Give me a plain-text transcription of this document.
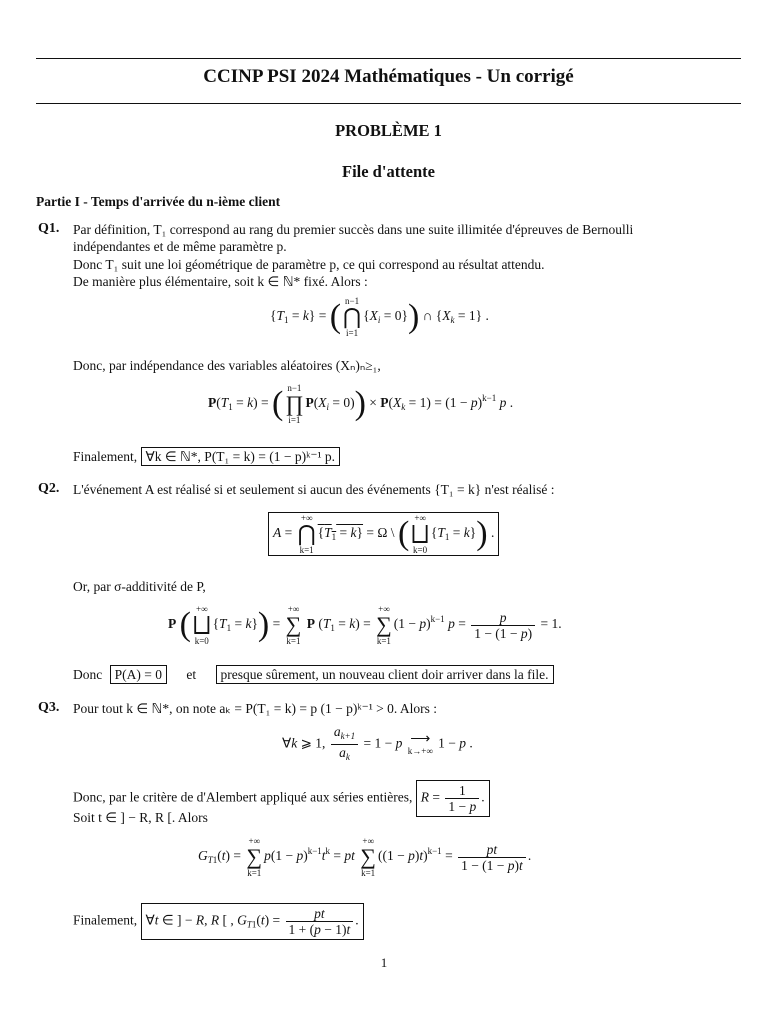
CCINP PSI 2024 Mathématiques - Un corrigé
PROBLÈME 1
File d'attente
Partie I - Temps d'arrivée du n-ième client
Q1. Par définition, T₁ correspond au rang du premier succès dans une suite illimitée d'épreuves de Bernoulli
indépendantes et de même paramètre p.
Donc T₁ suit une loi géométrique de paramètre p, ce qui correspond au résultat attendu.
De manière plus élémentaire, soit k ∈ ℕ* fixé. Alors :
$\{T_1 = k\}$ = ( n−1
⋂
i=1
$\{X_i = 0\}$) ∩ $\{X_k = 1\}$ .
Donc, par indépendance des variables aléatoires (Xₙ)ₙ≥₁,
$P(T_1 = k)$ = ( n−1
∏
i=1
$P(X_i = 0)) \times P(X_k = 1) = (1 - p)^{k-1}$ p .
Finalement, ∀k ∈ ℕ*, P(T₁ = k) = (1 − p)ᵏ⁻¹ p.
Q2. L'événement A est réalisé si et seulement si aucun des événements {T₁ = k} n'est réalisé :
A =
+∞
⋂
k=1
$\{T_1 = k\} = \Omega$ \ ( +∞
⨆
k=0
$\{T_1 = k\}$) .
Or, par σ-additivité de P,
P ( +∞
⨆
k=0
$\{T_1 = k\}$) =
+∞
∑
k=1
P $(T_1 = k)$ =
+∞
∑
k=1
$(1 - p)^{k-1}$ $p = \frac{p}{1 - (1 - p)} = 1$.
Donc P(A) = 0 et presque sûrement, un nouveau client doir arriver dans la file.
Q3. Pour tout k ∈ ℕ*, on note aₖ = P(T₁ = k) = p (1 − p)ᵏ⁻¹ > 0. Alors :
∀k ⩾ 1, $\frac{a_{k+1}}{a_k} = 1 - p$ ⟶
k→+∞ 1 − p .
Donc, par le critère de d'Alembert appliqué aux séries entières, $R = \frac{1}{1 - p}$ .
Soit t ∈ ] − R, R [. Alors
$G_{T1}(t)$ =
+∞
∑
k=1
$p(1 - p)^{k-1}t^k$ = pt
+∞
∑
k=1
$((1 - p)t)^{k-1} = \frac{pt}{1 - (1 - p)t}$ .
Finalement, ∀t ∈ ] − R, R [ , $G_{T1}(t) = \frac{pt}{1 + (p - 1)t}$ .
1
